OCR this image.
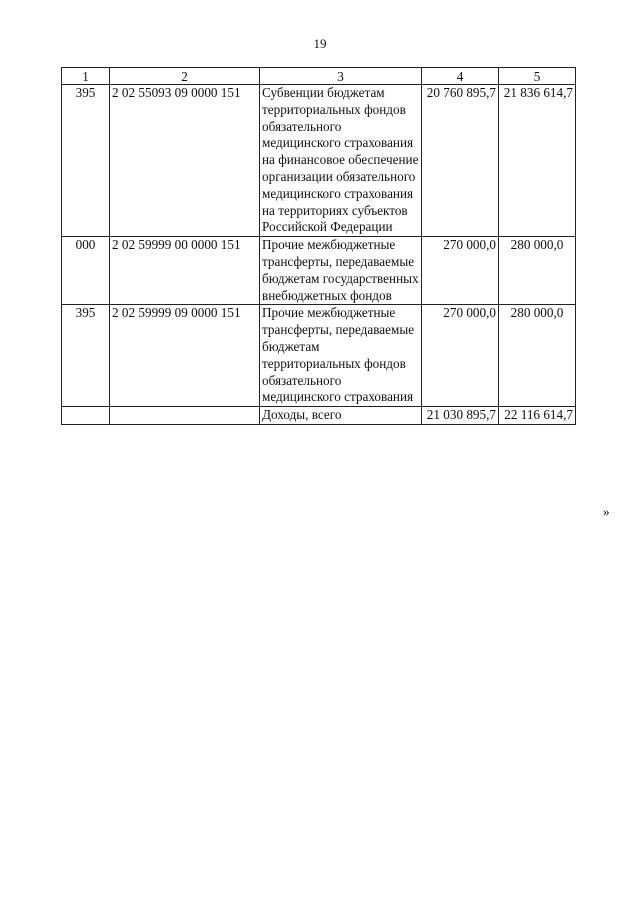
19
1	2	3	4	5
395	2 02 55093 09 0000 151	Субвенции бюджетам территориальных фондов обязательного медицинского страхования на финансовое обеспечение организации обязательного медицинского страхования на территориях субъектов Российской Федерации	20 760 895,7	21 836 614,7
000	2 02 59999 00 0000 151	Прочие межбюджетные трансферты, передаваемые бюджетам государственных внебюджетных фондов	270 000,0	280 000,0
395	2 02 59999 09 0000 151	Прочие межбюджетные трансферты, передаваемые бюджетам территориальных фондов обязательного медицинского страхования	270 000,0	280 000,0
		Доходы, всего	21 030 895,7	22 116 614,7
»
